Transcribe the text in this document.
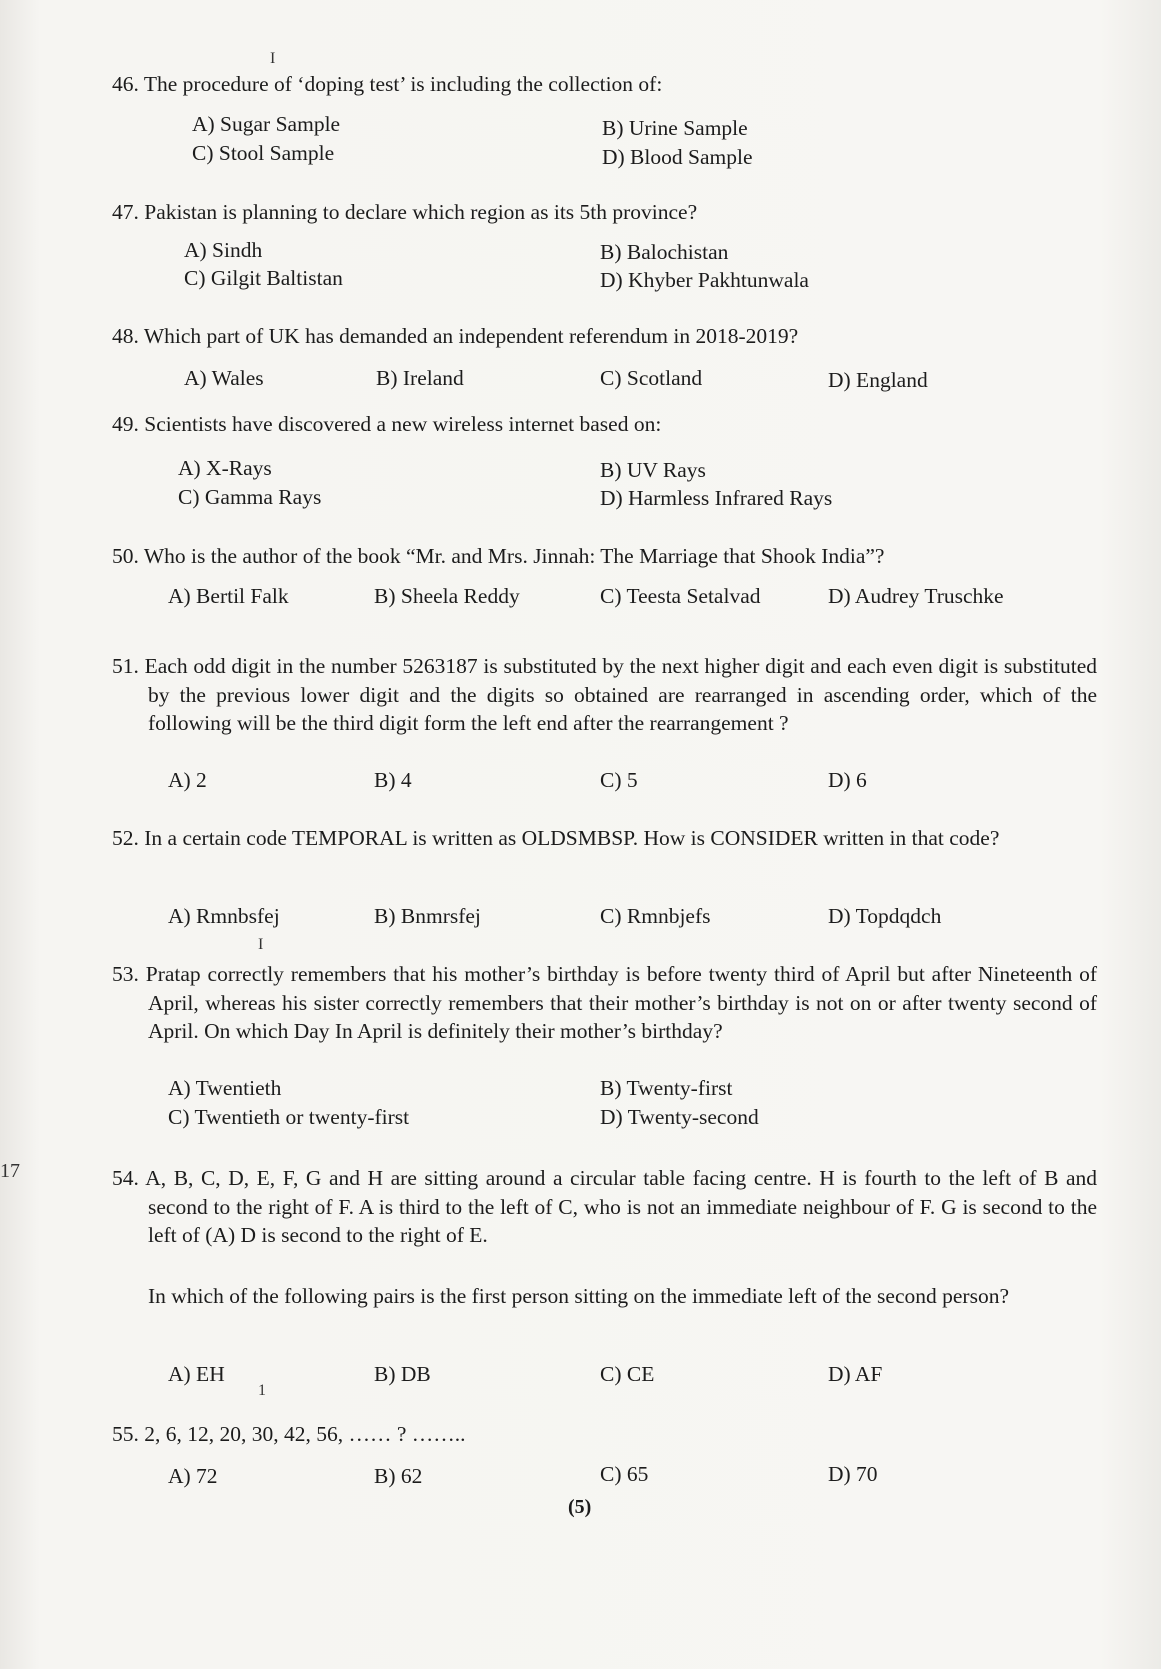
I
I
1
46. The procedure of ‘doping test’ is including the collection of:
A) Sugar Sample	B) Urine Sample
C) Stool Sample	D) Blood Sample
47. Pakistan is planning to declare which region as its 5th province?
A) Sindh	B) Balochistan
C) Gilgit Baltistan	D) Khyber Pakhtunwala
48. Which part of UK has demanded an independent referendum in 2018-2019?
A) Wales	B) Ireland	C) Scotland	D) England
49. Scientists have discovered a new wireless internet based on:
A) X-Rays	B) UV Rays
C) Gamma Rays	D) Harmless Infrared Rays
50. Who is the author of the book “Mr. and Mrs. Jinnah: The Marriage that Shook India”?
A) Bertil Falk	B) Sheela Reddy	C) Teesta Setalvad	D) Audrey Truschke
51. Each odd digit in the number 5263187 is substituted by the next higher digit and each even digit is substituted by the previous lower digit and the digits so obtained are rearranged in ascending order, which of the following will be the third digit form the left end after the rearrangement ?
A) 2	B) 4	C) 5	D) 6
52. In a certain code TEMPORAL is written as OLDSMBSP. How is CONSIDER written in that code?
A) Rmnbsfej	B) Bnmrsfej	C) Rmnbjefs	D) Topdqdch
53. Pratap correctly remembers that his mother’s birthday is before twenty third of April but after Nineteenth of April, whereas his sister correctly remembers that their mother’s birthday is not on or after twenty second of April. On which Day In April is definitely their mother’s birthday?
A) Twentieth	B) Twenty-first
C) Twentieth or twenty-first	D) Twenty-second
17	54. A, B, C, D, E, F, G and H are sitting around a circular table facing centre. H is fourth to the left of B and second to the right of F. A is third to the left of C, who is not an immediate neighbour of F. G is second to the left of (A) D is second to the right of E.
In which of the following pairs is the first person sitting on the immediate left of the second person?
A) EH	B) DB	C) CE	D) AF
55. 2, 6, 12, 20, 30, 42, 56, …… ? ……..
A) 72	B) 62	C) 65	D) 70
(5)
